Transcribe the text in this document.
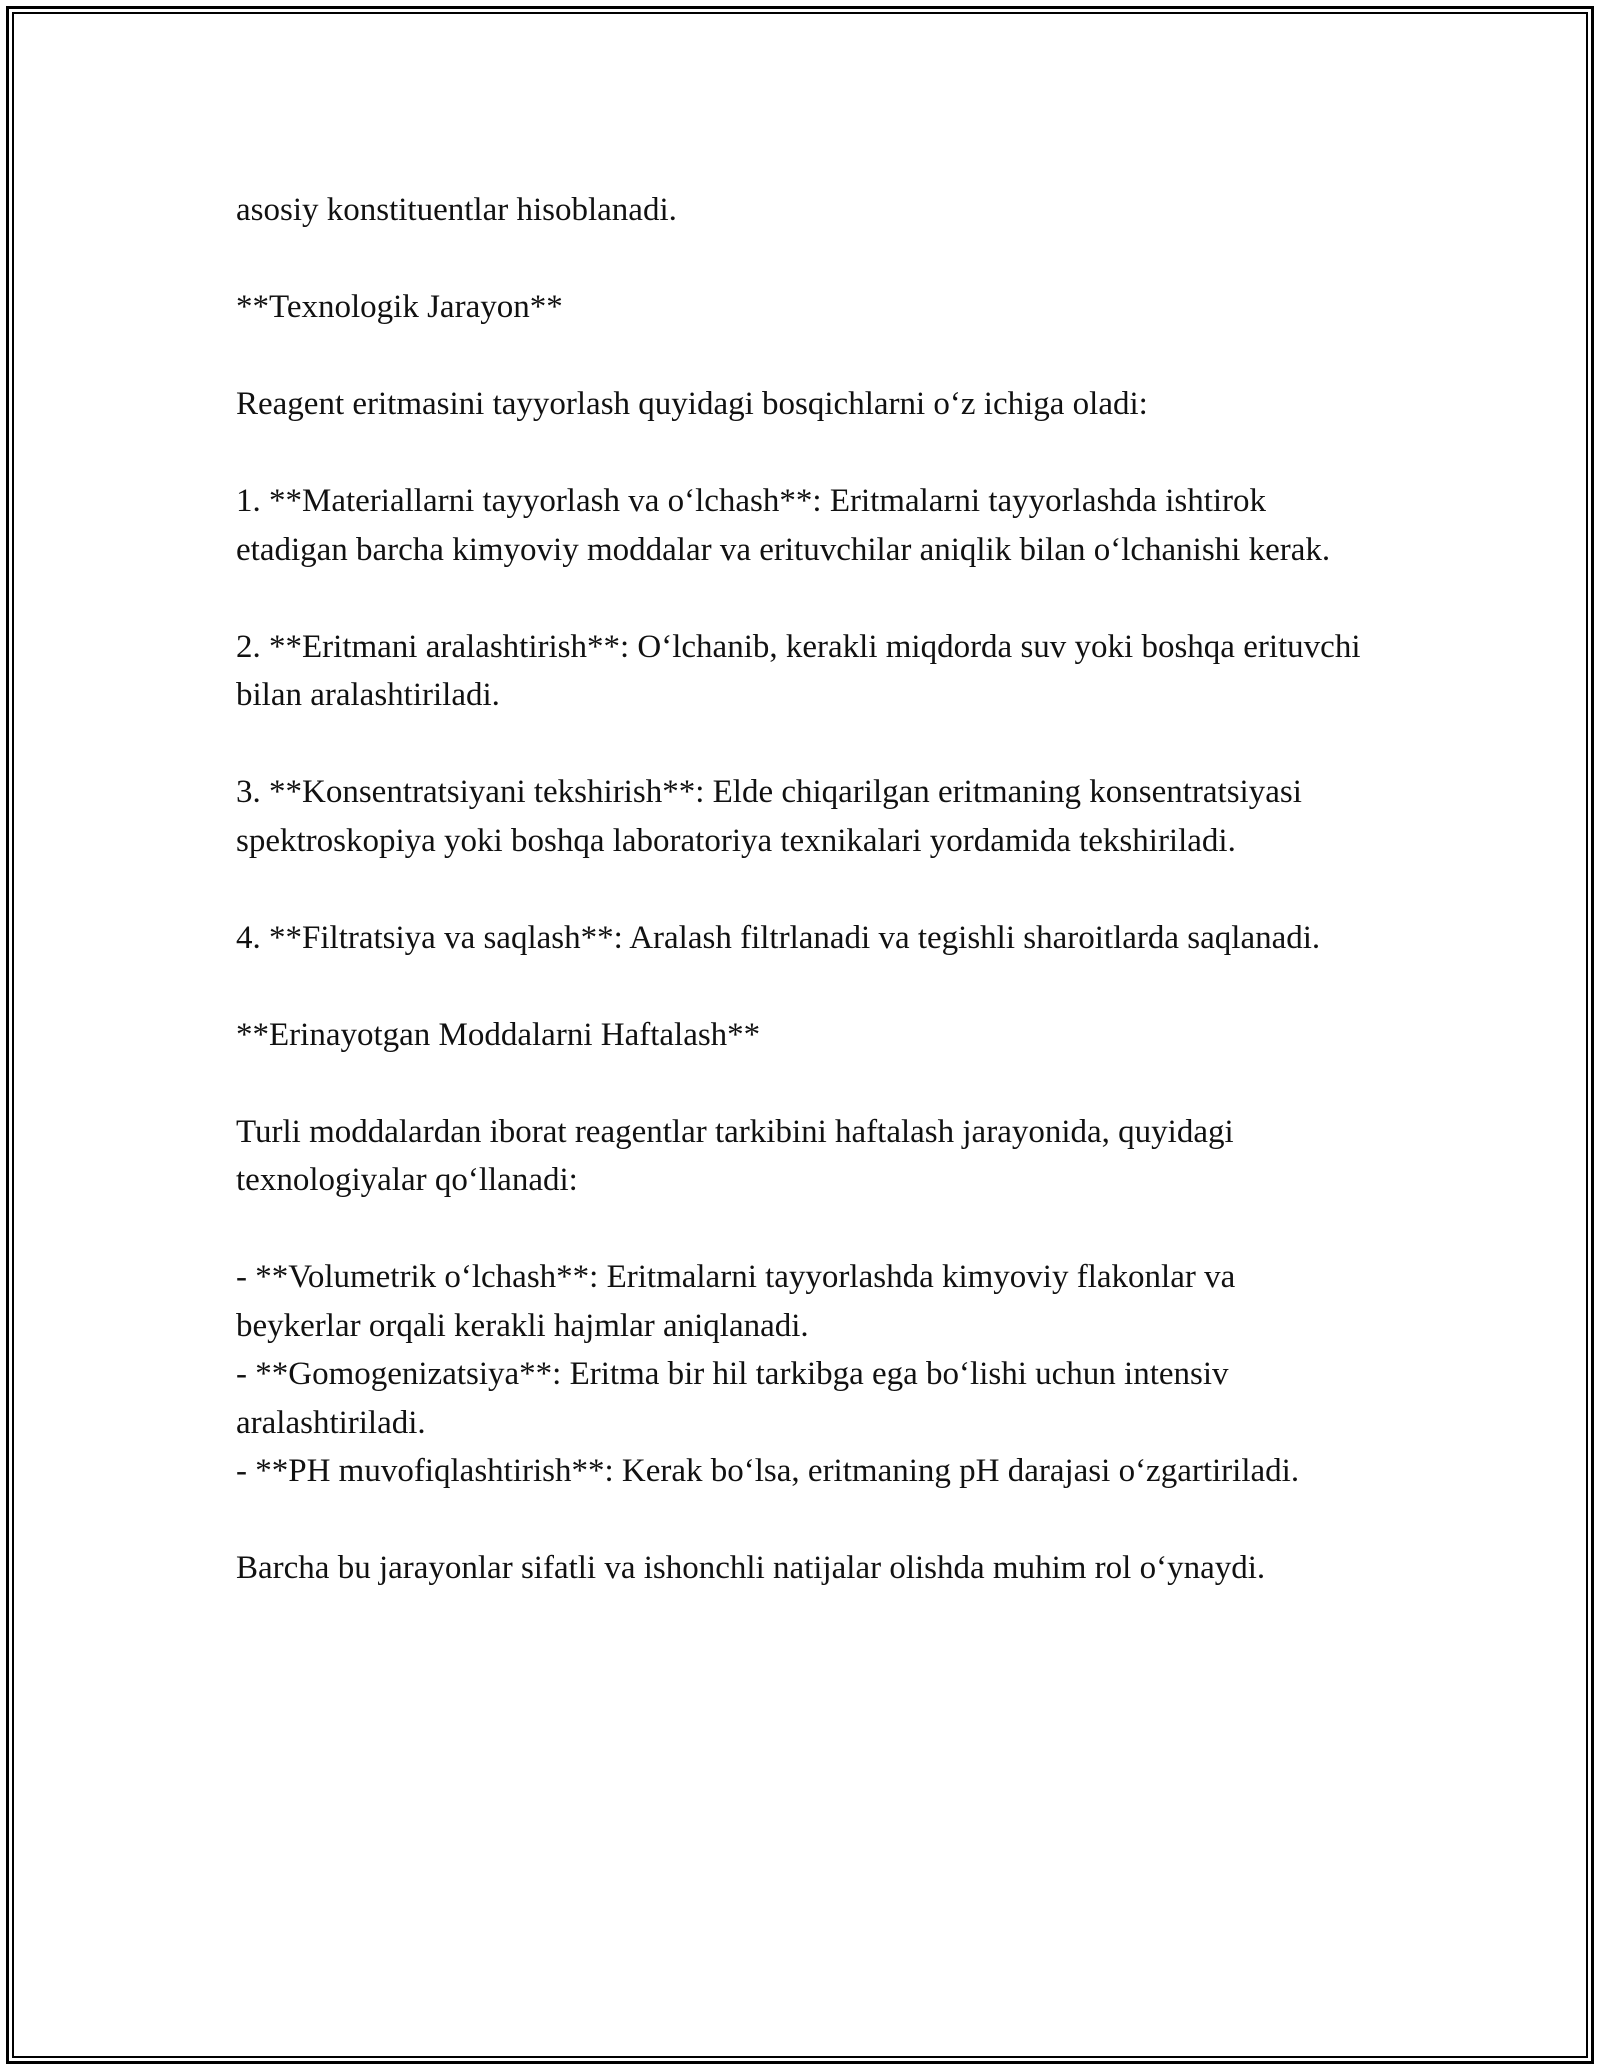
asosiy konstituentlar hisoblanadi.

**Texnologik Jarayon**

Reagent eritmasini tayyorlash quyidagi bosqichlarni o‘z ichiga oladi:

1. **Materiallarni tayyorlash va o‘lchash**: Eritmalarni tayyorlashda ishtirok etadigan barcha kimyoviy moddalar va erituvchilar aniqlik bilan o‘lchanishi kerak.

2. **Eritmani aralashtirish**: O‘lchanib, kerakli miqdorda suv yoki boshqa erituvchi bilan aralashtiriladi.

3. **Konsentratsiyani tekshirish**: Elde chiqarilgan eritmaning konsentratsiyasi spektroskopiya yoki boshqa laboratoriya texnikalari yordamida tekshiriladi.

4. **Filtratsiya va saqlash**: Aralash filtrlanadi va tegishli sharoitlarda saqlanadi.

**Erinayotgan Moddalarni Haftalash**

Turli moddalardan iborat reagentlar tarkibini haftalash jarayonida, quyidagi texnologiyalar qo‘llanadi:

- **Volumetrik o‘lchash**: Eritmalarni tayyorlashda kimyoviy flakonlar va beykerlar orqali kerakli hajmlar aniqlanadi.

- **Gomogenizatsiya**: Eritma bir hil tarkibga ega bo‘lishi uchun intensiv aralashtiriladi.

- **PH muvofiqlashtirish**: Kerak bo‘lsa, eritmaning pH darajasi o‘zgartiriladi.

Barcha bu jarayonlar sifatli va ishonchli natijalar olishda muhim rol o‘ynaydi.
